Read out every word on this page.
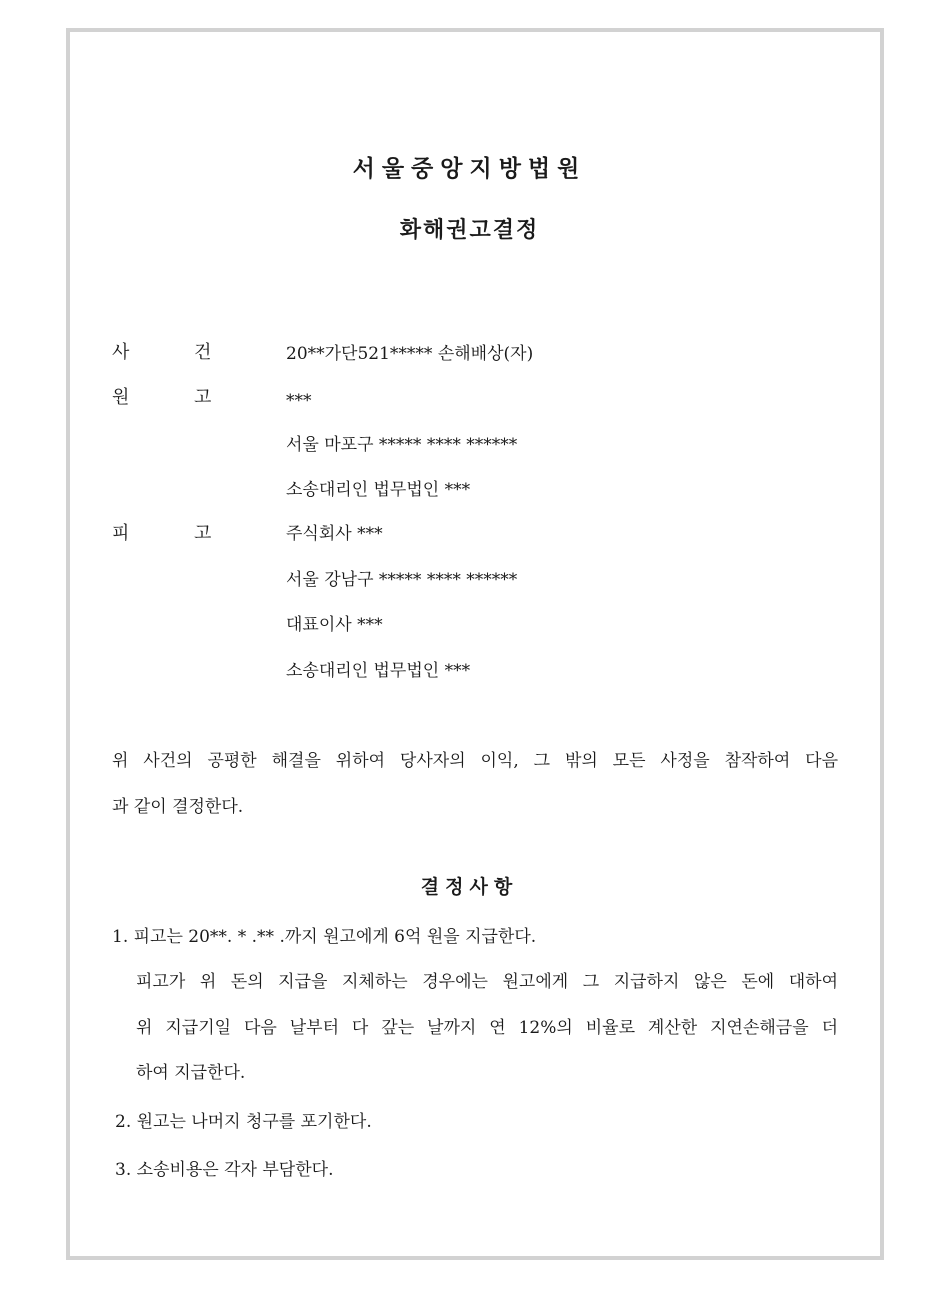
서울중앙지방법원
화해권고결정
사	건	20**가단521***** 손해배상(자)
원	고	***
서울 마포구 ***** **** ******
소송대리인 법무법인 ***
피	고	주식회사 ***
서울 강남구 ***** **** ******
대표이사 ***
소송대리인 법무법인 ***
위 사건의 공평한 해결을 위하여 당사자의 이익, 그 밖의 모든 사정을 참작하여 다음
과 같이 결정한다.
결정사항
1. 피고는 20**. * .** .까지 원고에게 6억 원을 지급한다.
피고가 위 돈의 지급을 지체하는 경우에는 원고에게 그 지급하지 않은 돈에 대하여
위 지급기일 다음 날부터 다 갚는 날까지 연 12%의 비율로 계산한 지연손해금을 더
하여 지급한다.
2. 원고는 나머지 청구를 포기한다.
3. 소송비용은 각자 부담한다.
